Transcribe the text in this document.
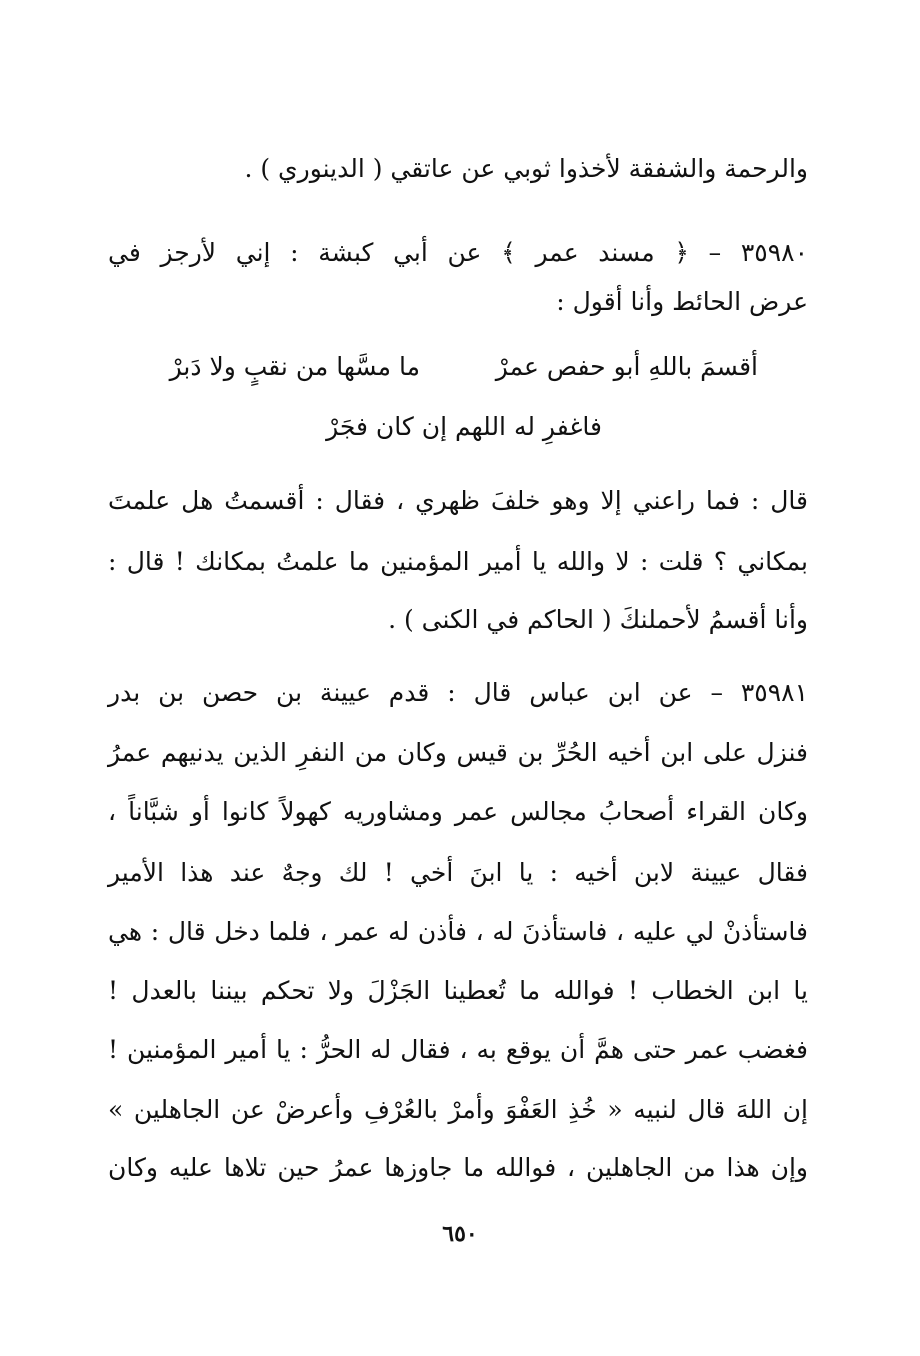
والرحمة والشفقة لأخذوا ثوبي عن عاتقي ( الدينوري ) .
٣٥٩٨٠ – ﴿ مسند عمر ﴾ عن أبي كبشة : إني لأرجز في
عرض الحائط وأنا أقول :
أقسمَ باللهِ أبو حفص عمرْ
ما مسَّها من نقبٍ ولا دَبرْ
فاغفرِ له اللهم إن كان فجَرْ
قال : فما راعني إلا وهو خلفَ ظهري ، فقال : أقسمتُ هل علمتَ
بمكاني ؟ قلت : لا والله يا أمير المؤمنين ما علمتُ بمكانك ! قال :
وأنا أقسمُ لأحملنكَ ( الحاكم في الكنى ) .
٣٥٩٨١ – عن ابن عباس قال : قدم عيينة بن حصن بن بدر
فنزل على ابن أخيه الحُرِّ بن قيس وكان من النفرِ الذين يدنيهم عمرُ
وكان القراء أصحابُ مجالس عمر ومشاوريه كهولاً كانوا أو شبَّاناً ،
فقال عيينة لابن أخيه : يا ابنَ أخي ! لك وجهٌ عند هذا الأمير
فاستأذنْ لي عليه ، فاستأذنَ له ، فأذن له عمر ، فلما دخل قال : هي
يا ابن الخطاب ! فوالله ما تُعطينا الجَزْلَ ولا تحكم بيننا بالعدل !
فغضب عمر حتى همَّ أن يوقع به ، فقال له الحرُّ : يا أمير المؤمنين !
إن اللهَ قال لنبيه « خُذِ العَفْوَ وأمرْ بالعُرْفِ وأعرضْ عن الجاهلين »
وإن هذا من الجاهلين ، فوالله ما جاوزها عمرُ حين تلاها عليه وكان
٦٥٠
